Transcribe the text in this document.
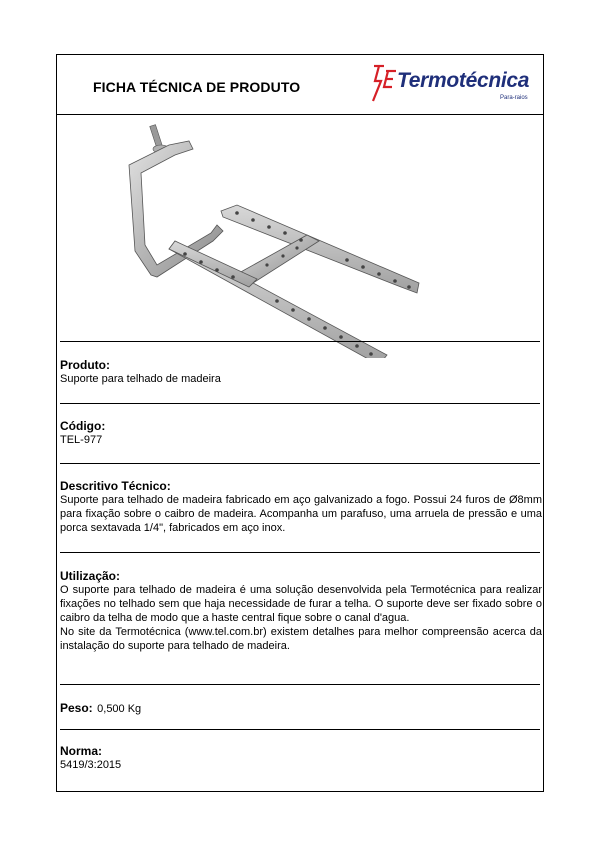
FICHA TÉCNICA DE PRODUTO	Termotécnica
Para-raios
Produto:
Suporte para telhado de madeira
Código:
TEL-977
Descritivo Técnico:
Suporte para telhado de madeira fabricado em aço galvanizado a fogo. Possui 24 furos de Ø8mm para fixação sobre o caibro de madeira. Acompanha um parafuso, uma arruela de pressão e uma porca sextavada 1/4", fabricados em aço inox.
Utilização:
O suporte para telhado de madeira é uma solução desenvolvida pela Termotécnica para realizar fixações no telhado sem que haja necessidade de furar a telha. O suporte deve ser fixado sobre o caibro da telha de modo que a haste central fique sobre o canal d'agua.
No site da Termotécnica (www.tel.com.br) existem detalhes para melhor compreensão acerca da instalação do suporte para telhado de madeira.
Peso: 0,500 Kg
Norma:
5419/3:2015
